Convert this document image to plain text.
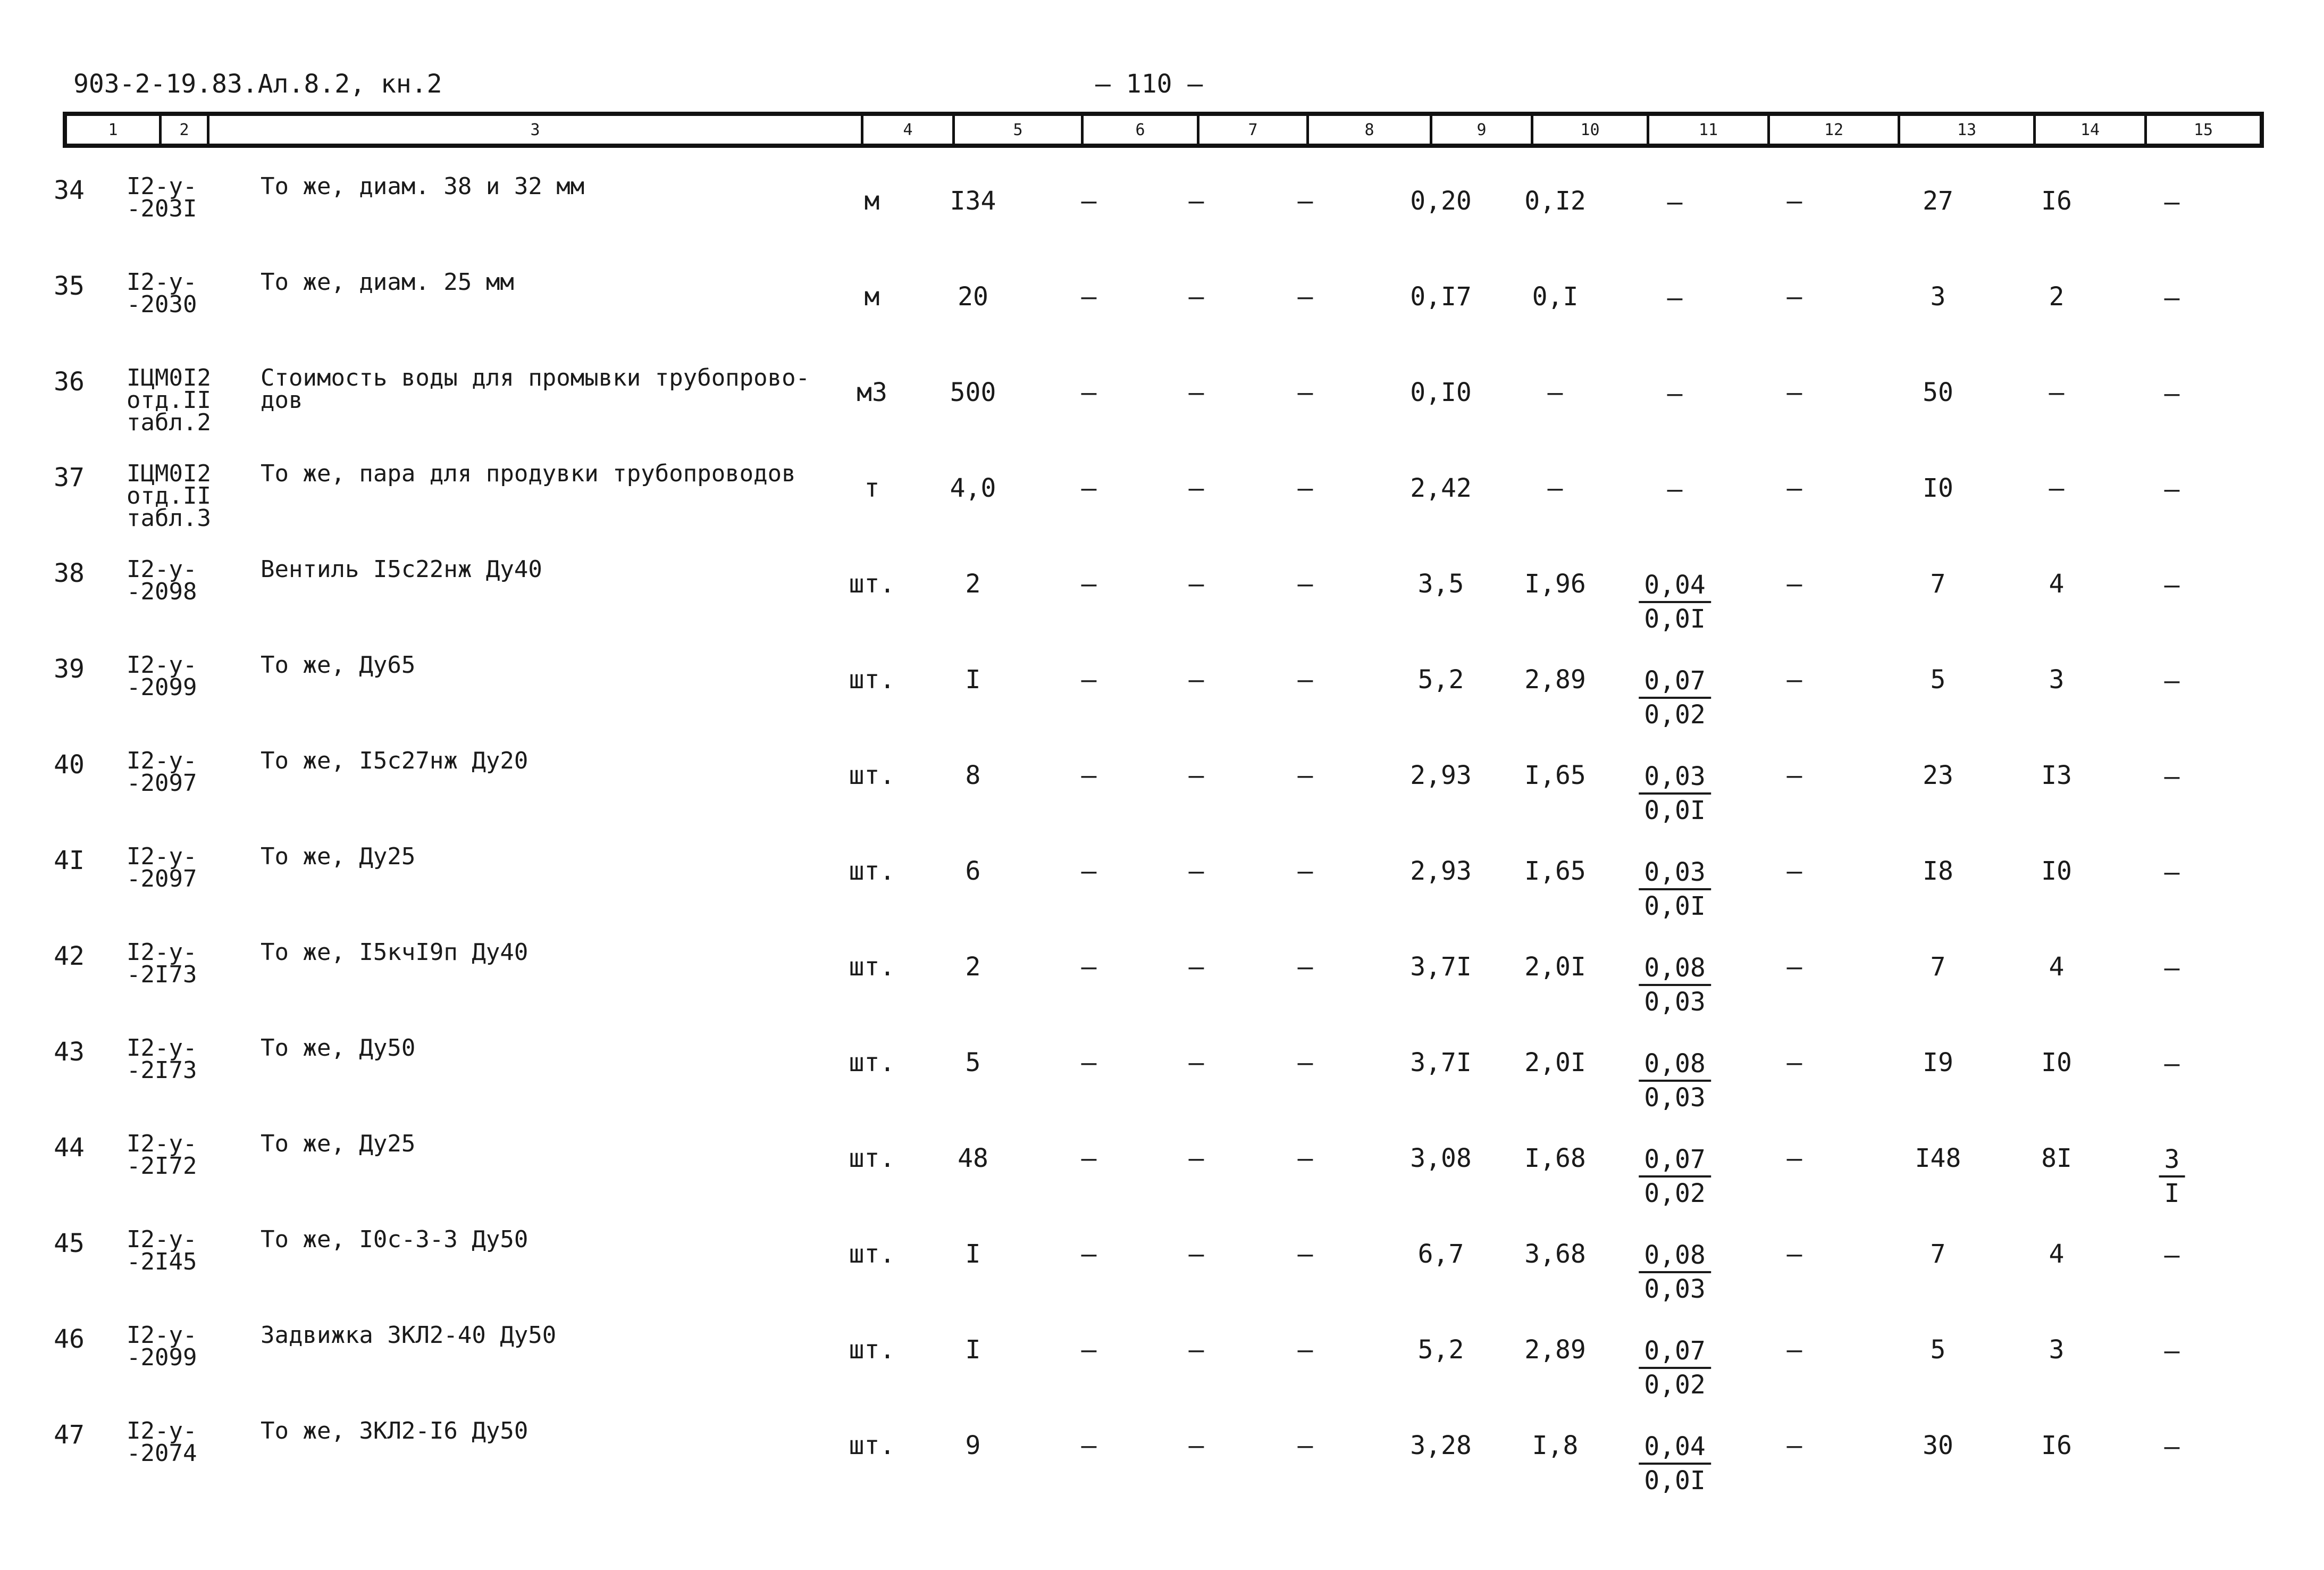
903-2-19.83.Ал.8.2, кн.2	— 110 —
1	2	3	4	5	6	7	8	9	10	11	12	13	14	15
34 I2-у-
-203I
То же, диам. 38 и 32 мм	м	I34	–	–	–	0,20 0,I2	–	–	27	I6	–
35 I2-у-
-2030
То же, диам. 25 мм	м	20	–	–	–	0,I7 0,I	–	–	3	2	–
36 IЦМ0I2
отд.II
табл.2
Стоимость воды для промывки трубопрово-
дов	м3 500	–	–	–	0,I0	–	–	–	50	–	–
37 IЦМ0I2
отд.II
табл.3
То же, пара для продувки трубопроводов	т	4,0	–	–	–	2,42	–	–	–	I0	–	–
38 I2-у-
-2098
Вентиль I5с22нж Ду40	шт.	2	–	–	–	3,5 $I,96 \frac{0,04}{0,0I}$	–	7	4	–
39 I2-у-
-2099
То же, Ду65	шт.	I	–	–	–	5,2 $2,89 \frac{0,07}{0,02}$	–	5	3	–
40 I2-у-
-2097
То же, I5с27нж Ду20	шт.	8	–	–	–	2,93 $I,65 \frac{0,03}{0,0I}$	–	23	I3	–
4I I2-у-
-2097
То же, Ду25	шт.	6	–	–	–	2,93 $I,65 \frac{0,03}{0,0I}$	–	I8	I0	–
42 I2-у-
-2I73
То же, I5кчI9п Ду40	шт.	2	–	–	–	3,7I $2,0I \frac{0,08}{0,03}$	–	7	4	–
43 I2-у-
-2I73
То же, Ду50	шт.	5	–	–	–	3,7I $2,0I \frac{0,08}{0,03}$	–	I9	I0	–
44 I2-у-
-2I72
То же, Ду25	шт. 48	–	–	–	3,08 $I,68 \frac{0,07}{0,02}$	–	I48	8I	$\frac{3}{I}$
45 I2-у-
-2I45
То же, I0с-3-3 Ду50	шт.	I	–	–	–	6,7 $3,68 \frac{0,08}{0,03}$	–	7	4	–
46 I2-у-
-2099
Задвижка ЗКЛ2-40 Ду50	шт.	I	–	–	–	5,2 $2,89 \frac{0,07}{0,02}$	–	5	3	–
47 I2-у-
-2074
То же, ЗКЛ2-I6 Ду50	шт.	9	–	–	–	3,28 $I,8 \frac{0,04}{0,0I}$	–	30	I6	–
